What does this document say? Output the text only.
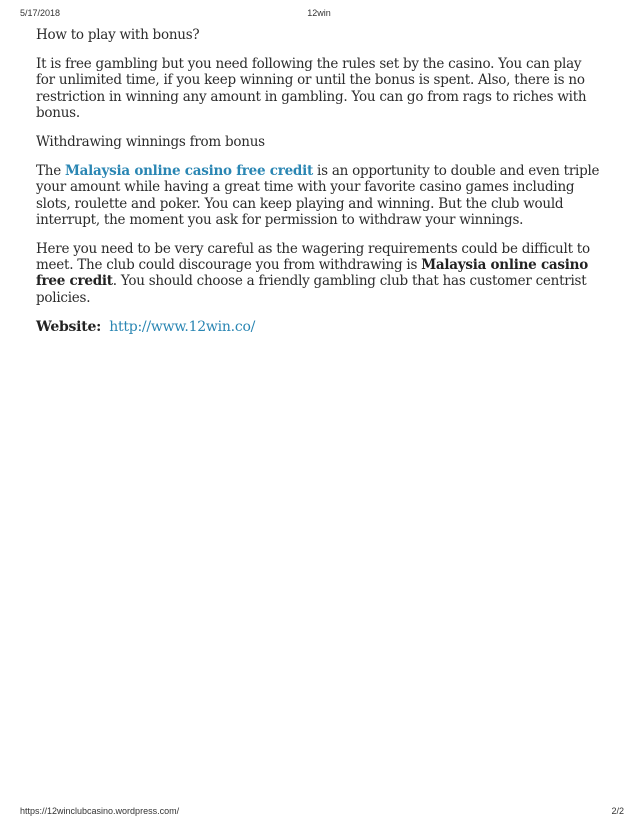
5/17/2018	12win

How to play with bonus?

It is free gambling but you need following the rules set by the casino. You can play for unlimited time, if you keep winning or until the bonus is spent. Also, there is no restriction in winning any amount in gambling. You can go from rags to riches with bonus.

Withdrawing winnings from bonus

The Malaysia online casino free credit is an opportunity to double and even triple your amount while having a great time with your favorite casino games including slots, roulette and poker. You can keep playing and winning. But the club would interrupt, the moment you ask for permission to withdraw your winnings.

Here you need to be very careful as the wagering requirements could be difficult to meet. The club could discourage you from withdrawing is Malaysia online casino free credit. You should choose a friendly gambling club that has customer centrist policies.

Website: http://www.12win.co/

https://12winclubcasino.wordpress.com/	2/2
